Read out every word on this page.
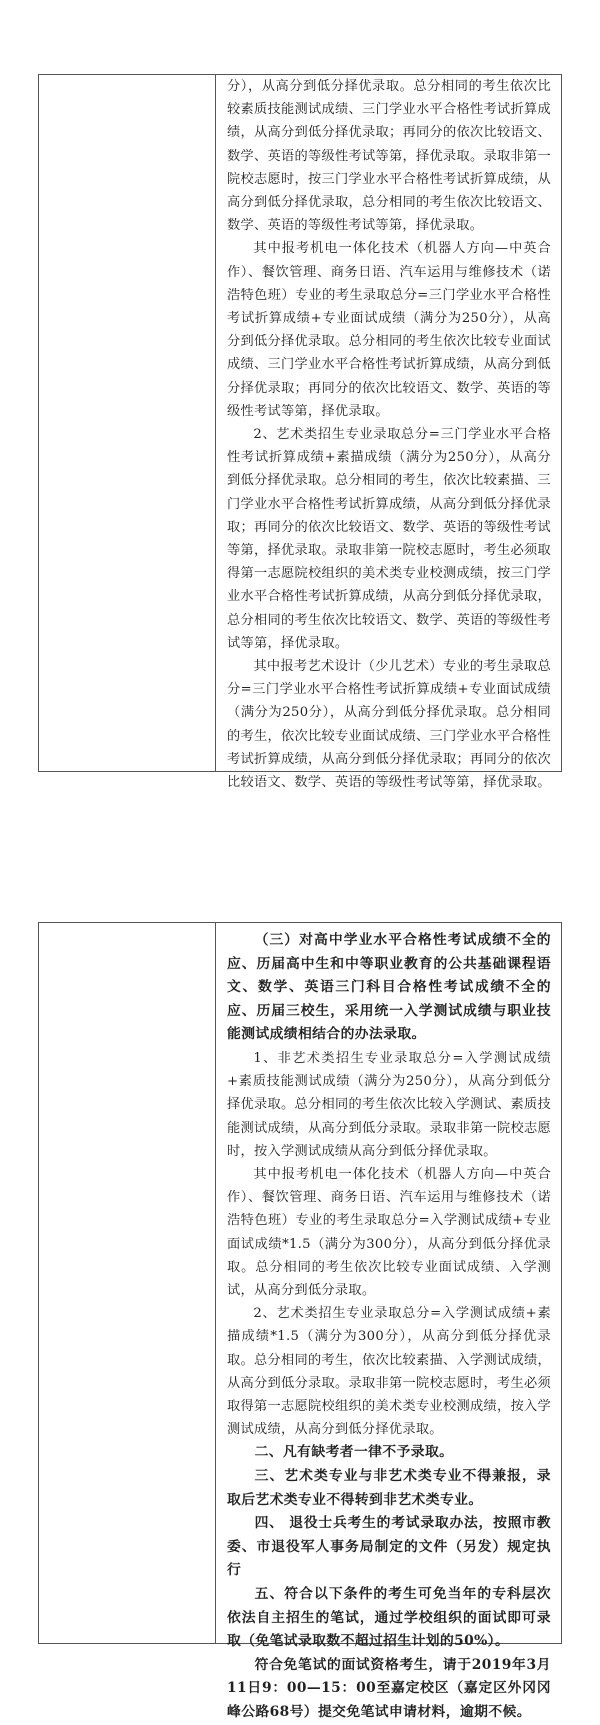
分），从高分到低分择优录取。总分相同的考生依次比较素质技能测试成绩、三门学业水平合格性考试折算成绩，从高分到低分择优录取；再同分的依次比较语文、数学、英语的等级性考试等第，择优录取。录取非第一院校志愿时，按三门学业水平合格性考试折算成绩，从高分到低分择优录取，总分相同的考生依次比较语文、数学、英语的等级性考试等第，择优录取。

其中报考机电一体化技术（机器人方向—中英合作）、餐饮管理、商务日语、汽车运用与维修技术（诺浩特色班）专业的考生录取总分=三门学业水平合格性考试折算成绩+专业面试成绩（满分为250分），从高分到低分择优录取。总分相同的考生依次比较专业面试成绩、三门学业水平合格性考试折算成绩，从高分到低分择优录取；再同分的依次比较语文、数学、英语的等级性考试等第，择优录取。

2、艺术类招生专业录取总分=三门学业水平合格性考试折算成绩+素描成绩（满分为250分），从高分到低分择优录取。总分相同的考生，依次比较素描、三门学业水平合格性考试折算成绩，从高分到低分择优录取；再同分的依次比较语文、数学、英语的等级性考试等第，择优录取。录取非第一院校志愿时，考生必须取得第一志愿院校组织的美术类专业校测成绩，按三门学业水平合格性考试折算成绩，从高分到低分择优录取，总分相同的考生依次比较语文、数学、英语的等级性考试等第，择优录取。

其中报考艺术设计（少儿艺术）专业的考生录取总分=三门学业水平合格性考试折算成绩+专业面试成绩（满分为250分），从高分到低分择优录取。总分相同的考生，依次比较专业面试成绩、三门学业水平合格性考试折算成绩，从高分到低分择优录取；再同分的依次比较语文、数学、英语的等级性考试等第，择优录取。

（三）对高中学业水平合格性考试成绩不全的应、历届高中生和中等职业教育的公共基础课程语文、数学、英语三门科目合格性考试成绩不全的应、历届三校生，采用统一入学测试成绩与职业技能测试成绩相结合的办法录取。

1、非艺术类招生专业录取总分=入学测试成绩+素质技能测试成绩（满分为250分），从高分到低分择优录取。总分相同的考生依次比较入学测试、素质技能测试成绩，从高分到低分录取。录取非第一院校志愿时，按入学测试成绩从高分到低分择优录取。

其中报考机电一体化技术（机器人方向—中英合作）、餐饮管理、商务日语、汽车运用与维修技术（诺浩特色班）专业的考生录取总分=入学测试成绩+专业面试成绩*1.5（满分为300分），从高分到低分择优录取。总分相同的考生依次比较专业面试成绩、入学测试，从高分到低分录取。

2、艺术类招生专业录取总分=入学测试成绩+素描成绩*1.5（满分为300分），从高分到低分择优录取。总分相同的考生，依次比较素描、入学测试成绩，从高分到低分录取。录取非第一院校志愿时，考生必须取得第一志愿院校组织的美术类专业校测成绩，按入学测试成绩，从高分到低分择优录取。

二、凡有缺考者一律不予录取。

三、艺术类专业与非艺术类专业不得兼报，录取后艺术类专业不得转到非艺术类专业。

四、 退役士兵考生的考试录取办法，按照市教委、市退役军人事务局制定的文件（另发）规定执行

五、符合以下条件的考生可免当年的专科层次依法自主招生的笔试，通过学校组织的面试即可录取（免笔试录取数不超过招生计划的50%）。

符合免笔试的面试资格考生，请于2019年3月11日9：00—15：00至嘉定校区（嘉定区外冈冈峰公路68号）提交免笔试申请材料，逾期不候。
